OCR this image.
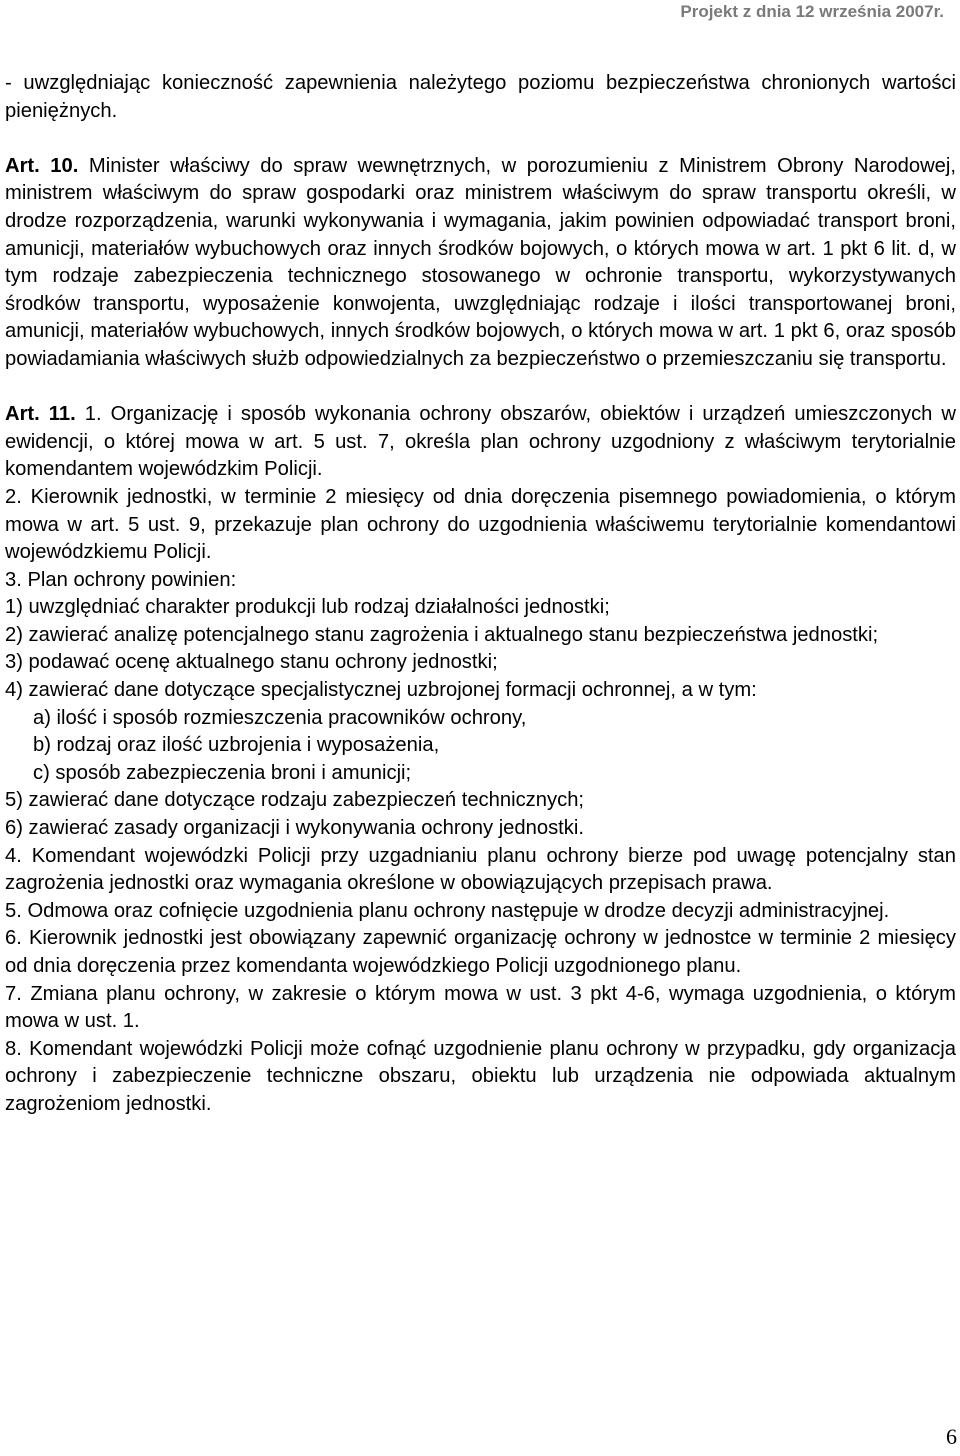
Projekt z dnia 12 września 2007r.

- uwzględniając konieczność zapewnienia należytego poziomu bezpieczeństwa chronionych wartości pieniężnych.

Art. 10. Minister właściwy do spraw wewnętrznych, w porozumieniu z Ministrem Obrony Narodowej, ministrem właściwym do spraw gospodarki oraz ministrem właściwym do spraw transportu określi, w drodze rozporządzenia, warunki wykonywania i wymagania, jakim powinien odpowiadać transport broni, amunicji, materiałów wybuchowych oraz innych środków bojowych, o których mowa w art. 1 pkt 6 lit. d, w tym rodzaje zabezpieczenia technicznego stosowanego w ochronie transportu, wykorzystywanych środków transportu, wyposażenie konwojenta, uwzględniając rodzaje i ilości transportowanej broni, amunicji, materiałów wybuchowych, innych środków bojowych, o których mowa w art. 1 pkt 6, oraz sposób powiadamiania właściwych służb odpowiedzialnych za bezpieczeństwo o przemieszczaniu się transportu.

Art. 11. 1. Organizację i sposób wykonania ochrony obszarów, obiektów i urządzeń umieszczonych w ewidencji, o której mowa w art. 5 ust. 7, określa plan ochrony uzgodniony z właściwym terytorialnie komendantem wojewódzkim Policji.

2. Kierownik jednostki, w terminie 2 miesięcy od dnia doręczenia pisemnego powiadomienia, o którym mowa w art. 5 ust. 9, przekazuje plan ochrony do uzgodnienia właściwemu terytorialnie komendantowi wojewódzkiemu Policji.

3. Plan ochrony powinien:

1) uwzględniać charakter produkcji lub rodzaj działalności jednostki;

2) zawierać analizę potencjalnego stanu zagrożenia i aktualnego stanu bezpieczeństwa jednostki;

3) podawać ocenę aktualnego stanu ochrony jednostki;

4) zawierać dane dotyczące specjalistycznej uzbrojonej formacji ochronnej, a w tym:

a) ilość i sposób rozmieszczenia pracowników ochrony,

b) rodzaj oraz ilość uzbrojenia i wyposażenia,

c) sposób zabezpieczenia broni i amunicji;

5) zawierać dane dotyczące rodzaju zabezpieczeń technicznych;

6) zawierać zasady organizacji i wykonywania ochrony jednostki.

4. Komendant wojewódzki Policji przy uzgadnianiu planu ochrony bierze pod uwagę potencjalny stan zagrożenia jednostki oraz wymagania określone w obowiązujących przepisach prawa.

5. Odmowa oraz cofnięcie uzgodnienia planu ochrony następuje w drodze decyzji administracyjnej.

6. Kierownik jednostki jest obowiązany zapewnić organizację ochrony w jednostce w terminie 2 miesięcy od dnia doręczenia przez komendanta wojewódzkiego Policji uzgodnionego planu.

7. Zmiana planu ochrony, w zakresie o którym mowa w ust. 3 pkt 4-6, wymaga uzgodnienia, o którym mowa w ust. 1.

8. Komendant wojewódzki Policji może cofnąć uzgodnienie planu ochrony w przypadku, gdy organizacja ochrony i zabezpieczenie techniczne obszaru, obiektu lub urządzenia nie odpowiada aktualnym zagrożeniom jednostki.

6
